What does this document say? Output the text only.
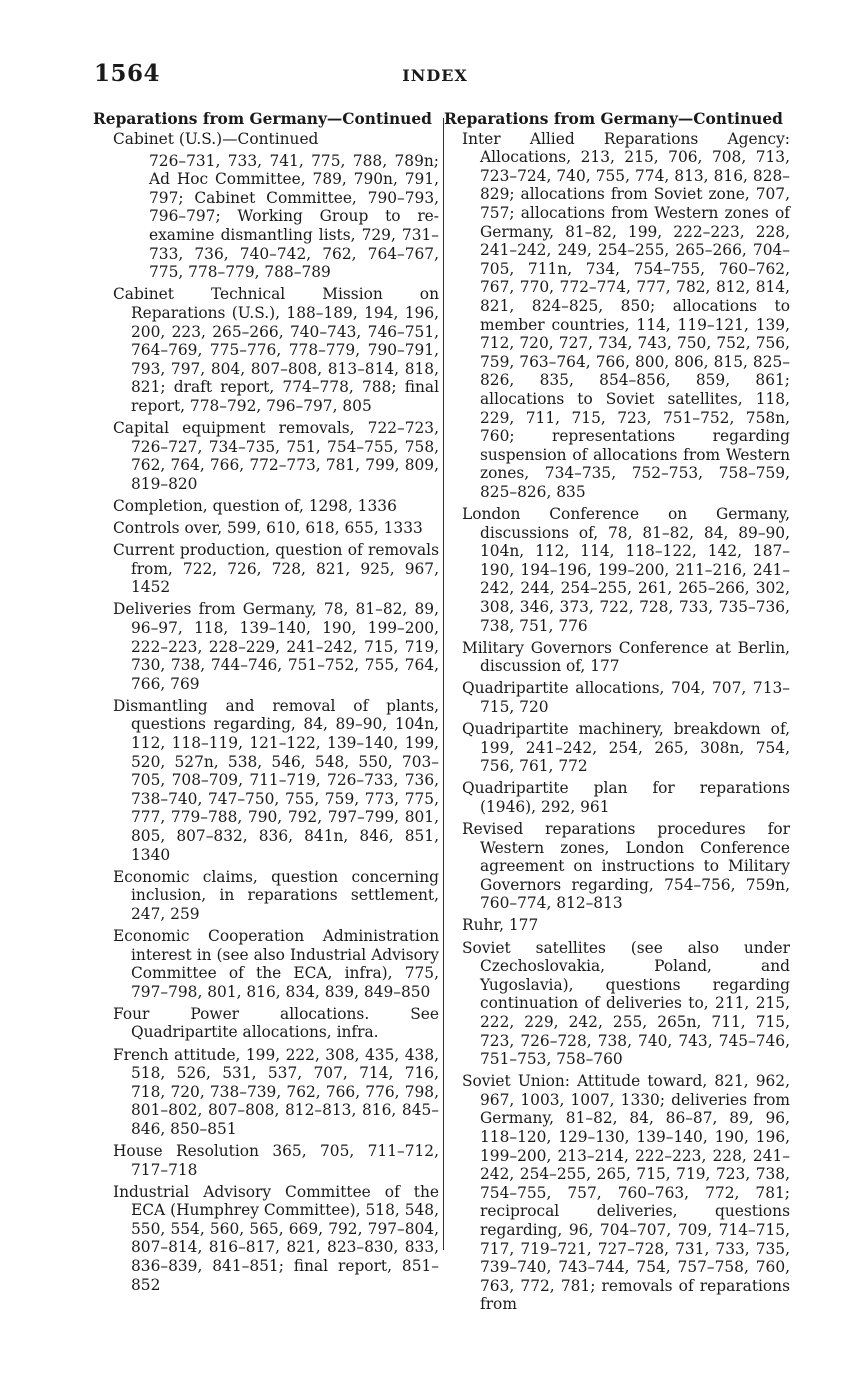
1564	INDEX
Reparations from Germany—Continued
Cabinet (U.S.)—Continued
726–731, 733, 741, 775, 788, 789n; Ad Hoc Committee, 789, 790n, 791, 797; Cabinet Committee, 790–793, 796–797; Working Group to re-examine dismantling lists, 729, 731–733, 736, 740–742, 762, 764–767, 775, 778–779, 788–789
Cabinet Technical Mission on Reparations (U.S.), 188–189, 194, 196, 200, 223, 265–266, 740–743, 746–751, 764–769, 775–776, 778–779, 790–791, 793, 797, 804, 807–808, 813–814, 818, 821; draft report, 774–778, 788; final report, 778–792, 796–797, 805
Capital equipment removals, 722–723, 726–727, 734–735, 751, 754–755, 758, 762, 764, 766, 772–773, 781, 799, 809, 819–820
Completion, question of, 1298, 1336
Controls over, 599, 610, 618, 655, 1333
Current production, question of removals from, 722, 726, 728, 821, 925, 967, 1452
Deliveries from Germany, 78, 81–82, 89, 96–97, 118, 139–140, 190, 199–200, 222–223, 228–229, 241–242, 715, 719, 730, 738, 744–746, 751–752, 755, 764, 766, 769
Dismantling and removal of plants, questions regarding, 84, 89–90, 104n, 112, 118–119, 121–122, 139–140, 199, 520, 527n, 538, 546, 548, 550, 703–705, 708–709, 711–719, 726–733, 736, 738–740, 747–750, 755, 759, 773, 775, 777, 779–788, 790, 792, 797–799, 801, 805, 807–832, 836, 841n, 846, 851, 1340
Economic claims, question concerning inclusion, in reparations settlement, 247, 259
Economic Cooperation Administration interest in (see also Industrial Advisory Committee of the ECA, infra), 775, 797–798, 801, 816, 834, 839, 849–850
Four Power allocations. See Quadripartite allocations, infra.
French attitude, 199, 222, 308, 435, 438, 518, 526, 531, 537, 707, 714, 716, 718, 720, 738–739, 762, 766, 776, 798, 801–802, 807–808, 812–813, 816, 845–846, 850–851
House Resolution 365, 705, 711–712, 717–718
Industrial Advisory Committee of the ECA (Humphrey Committee), 518, 548, 550, 554, 560, 565, 669, 792, 797–804, 807–814, 816–817, 821, 823–830, 833, 836–839, 841–851; final report, 851–852
Reparations from Germany—Continued
Inter Allied Reparations Agency: Allocations, 213, 215, 706, 708, 713, 723–724, 740, 755, 774, 813, 816, 828–829; allocations from Soviet zone, 707, 757; allocations from Western zones of Germany, 81–82, 199, 222–223, 228, 241–242, 249, 254–255, 265–266, 704–705, 711n, 734, 754–755, 760–762, 767, 770, 772–774, 777, 782, 812, 814, 821, 824–825, 850; allocations to member countries, 114, 119–121, 139, 712, 720, 727, 734, 743, 750, 752, 756, 759, 763–764, 766, 800, 806, 815, 825–826, 835, 854–856, 859, 861; allocations to Soviet satellites, 118, 229, 711, 715, 723, 751–752, 758n, 760; representations regarding suspension of allocations from Western zones, 734–735, 752–753, 758–759, 825–826, 835
London Conference on Germany, discussions of, 78, 81–82, 84, 89–90, 104n, 112, 114, 118–122, 142, 187–190, 194–196, 199–200, 211–216, 241–242, 244, 254–255, 261, 265–266, 302, 308, 346, 373, 722, 728, 733, 735–736, 738, 751, 776
Military Governors Conference at Berlin, discussion of, 177
Quadripartite allocations, 704, 707, 713–715, 720
Quadripartite machinery, breakdown of, 199, 241–242, 254, 265, 308n, 754, 756, 761, 772
Quadripartite plan for reparations (1946), 292, 961
Revised reparations procedures for Western zones, London Conference agreement on instructions to Military Governors regarding, 754–756, 759n, 760–774, 812–813
Ruhr, 177
Soviet satellites (see also under Czechoslovakia, Poland, and Yugoslavia), questions regarding continuation of deliveries to, 211, 215, 222, 229, 242, 255, 265n, 711, 715, 723, 726–728, 738, 740, 743, 745–746, 751–753, 758–760
Soviet Union: Attitude toward, 821, 962, 967, 1003, 1007, 1330; deliveries from Germany, 81–82, 84, 86–87, 89, 96, 118–120, 129–130, 139–140, 190, 196, 199–200, 213–214, 222–223, 228, 241–242, 254–255, 265, 715, 719, 723, 738, 754–755, 757, 760–763, 772, 781; reciprocal deliveries, questions regarding, 96, 704–707, 709, 714–715, 717, 719–721, 727–728, 731, 733, 735, 739–740, 743–744, 754, 757–758, 760, 763, 772, 781; removals of reparations from
